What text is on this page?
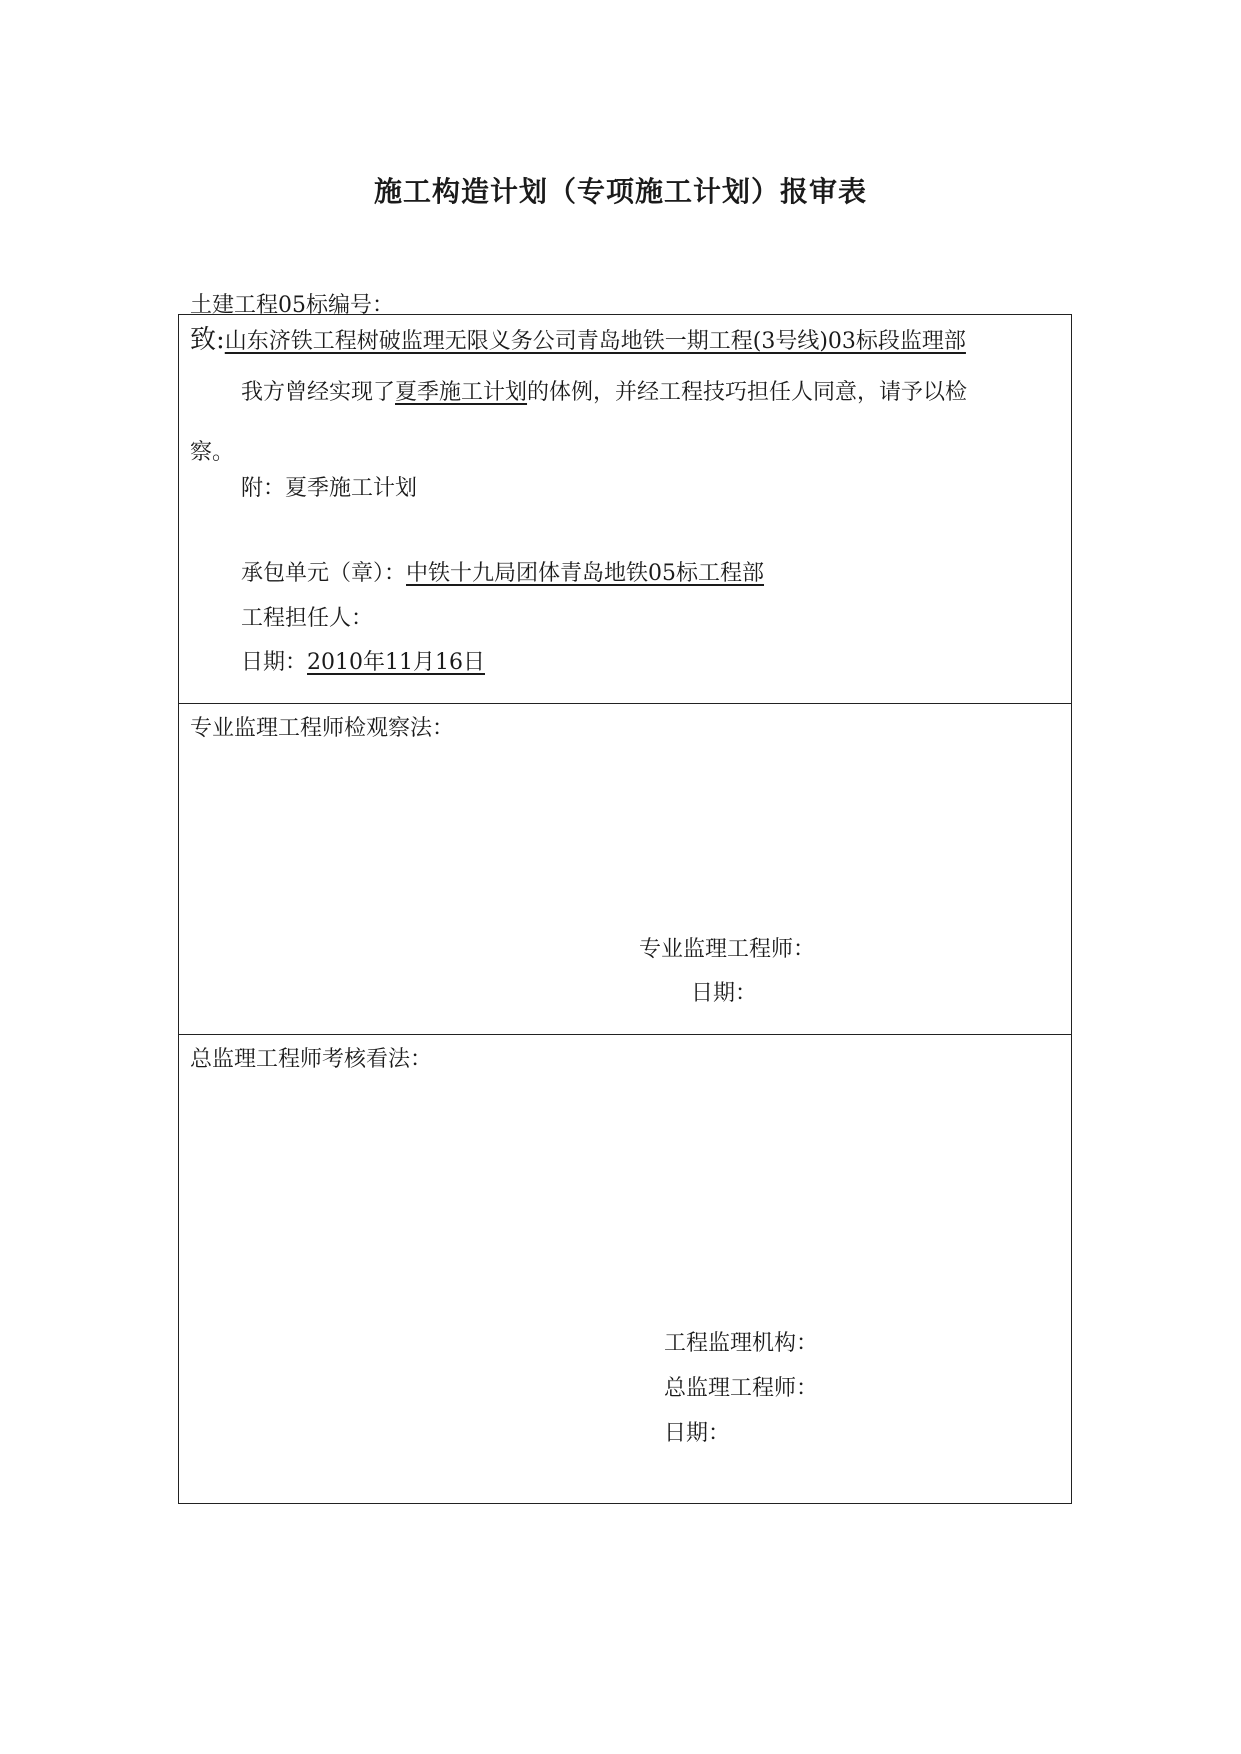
施工构造计划（专项施工计划）报审表
土建工程05标编号：
致:山东济铁工程树破监理无限义务公司青岛地铁一期工程(3号线)03标段监理部
我方曾经实现了夏季施工计划的体例，并经工程技巧担任人同意，请予以检
察。
附：夏季施工计划
承包单元（章）：中铁十九局团体青岛地铁05标工程部
工程担任人：
日期：2010年11月16日
专业监理工程师检观察法：
专业监理工程师：
日期：
总监理工程师考核看法：
工程监理机构：
总监理工程师：
日期：
